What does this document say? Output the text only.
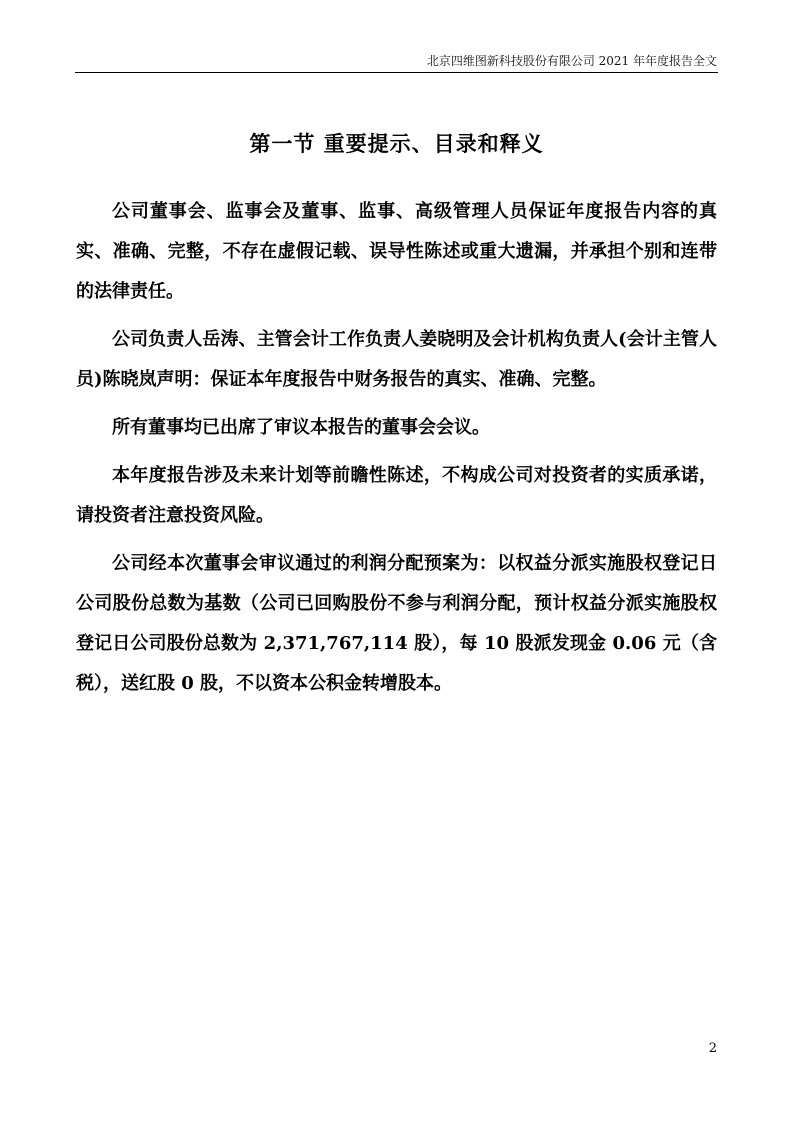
北京四维图新科技股份有限公司 2021 年年度报告全文
第一节 重要提示、目录和释义

公司董事会、监事会及董事、监事、高级管理人员保证年度报告内容的真实、准确、完整，不存在虚假记载、误导性陈述或重大遗漏，并承担个别和连带的法律责任。

公司负责人岳涛、主管会计工作负责人姜晓明及会计机构负责人(会计主管人员)陈晓岚声明：保证本年度报告中财务报告的真实、准确、完整。

所有董事均已出席了审议本报告的董事会会议。

本年度报告涉及未来计划等前瞻性陈述，不构成公司对投资者的实质承诺，请投资者注意投资风险。

公司经本次董事会审议通过的利润分配预案为：以权益分派实施股权登记日公司股份总数为基数（公司已回购股份不参与利润分配，预计权益分派实施股权登记日公司股份总数为 2,371,767,114 股），每 10 股派发现金 0.06 元（含税），送红股 0 股，不以资本公积金转增股本。

2
